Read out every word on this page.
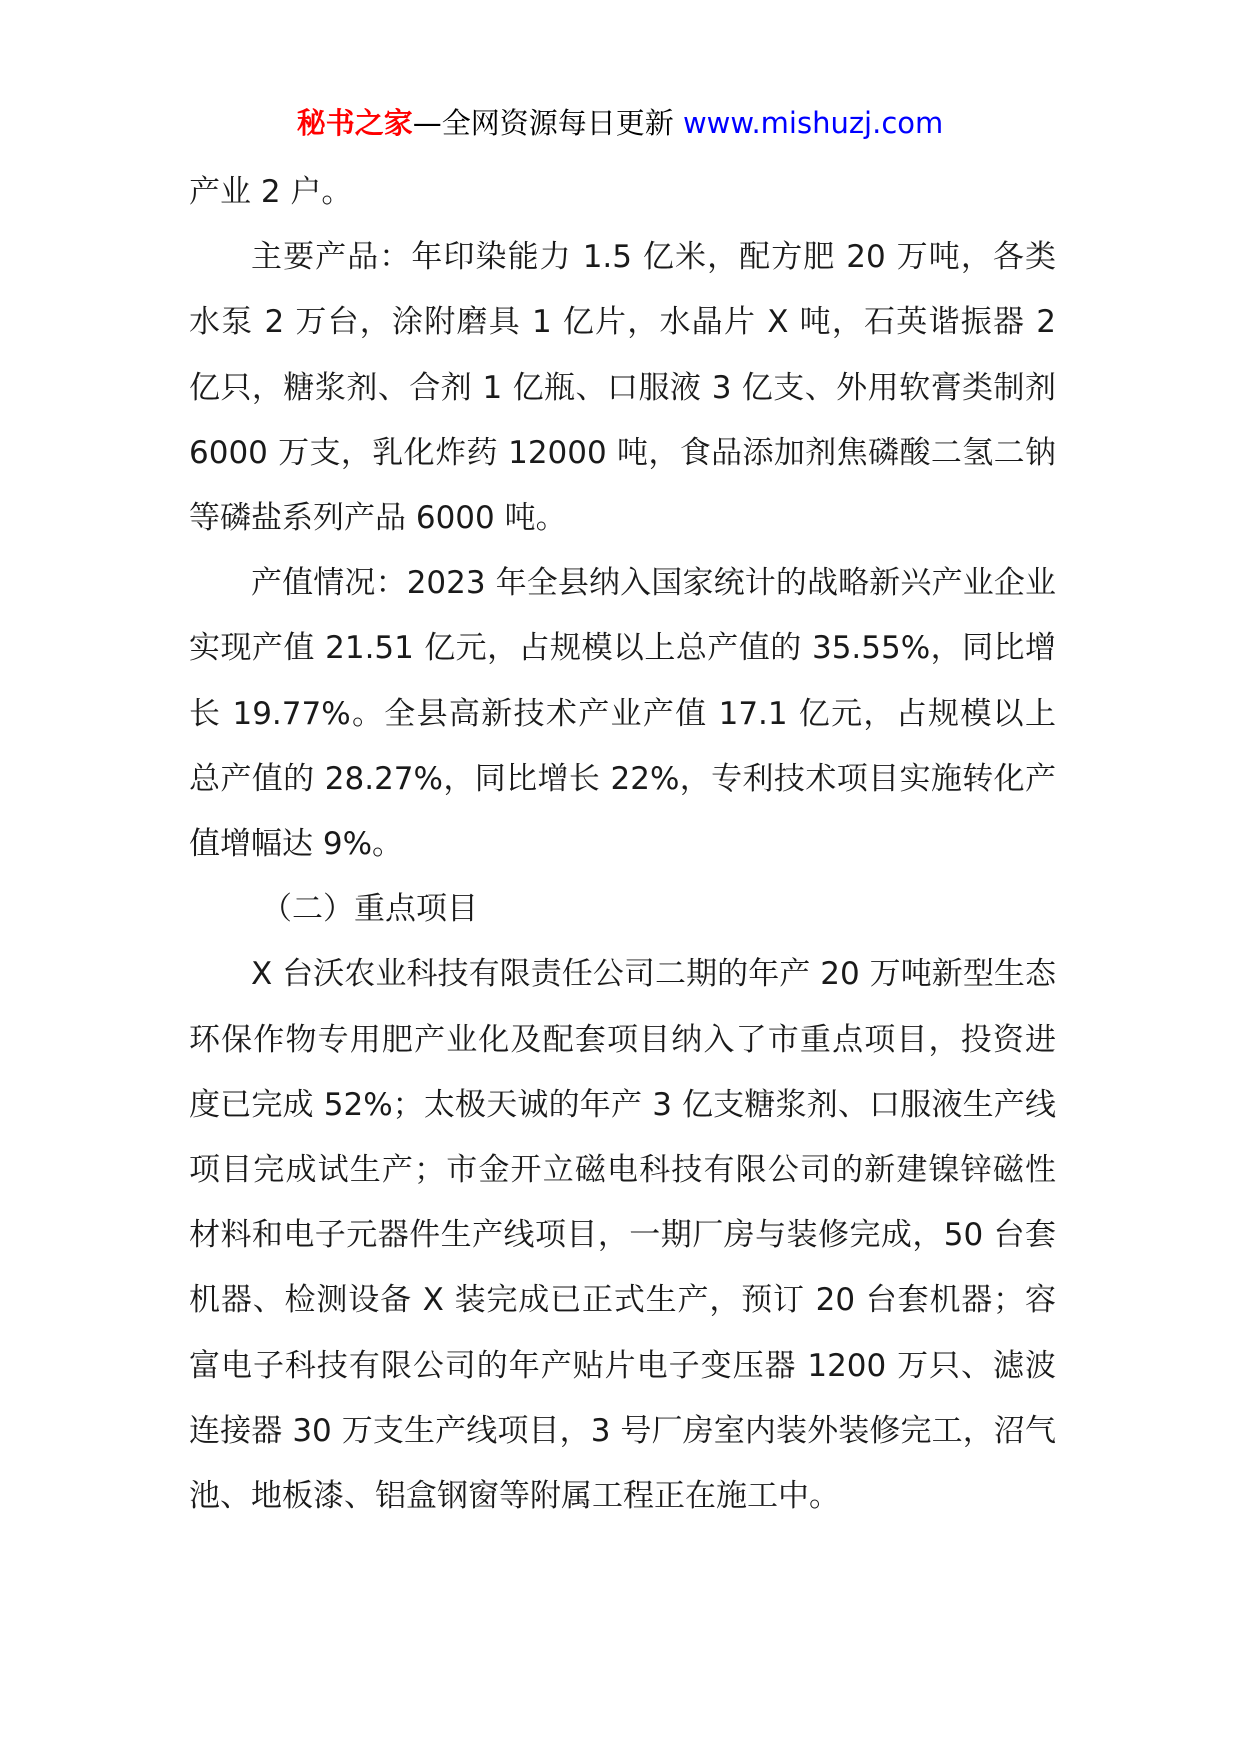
秘书之家—全网资源每日更新 www.mishuzj.com

产业 2 户。

主要产品：年印染能力 1.5 亿米，配方肥 20 万吨，各类水泵 2 万台，涂附磨具 1 亿片，水晶片 X 吨，石英谐振器 2 亿只，糖浆剂、合剂 1 亿瓶、口服液 3 亿支、外用软膏类制剂 6000 万支，乳化炸药 12000 吨，食品添加剂焦磷酸二氢二钠等磷盐系列产品 6000 吨。

产值情况：2023 年全县纳入国家统计的战略新兴产业企业实现产值 21.51 亿元，占规模以上总产值的 35.55%，同比增长 19.77%。全县高新技术产业产值 17.1 亿元，占规模以上总产值的 28.27%，同比增长 22%，专利技术项目实施转化产值增幅达 9%。

（二）重点项目

X 台沃农业科技有限责任公司二期的年产 20 万吨新型生态环保作物专用肥产业化及配套项目纳入了市重点项目，投资进度已完成 52%；太极天诚的年产 3 亿支糖浆剂、口服液生产线项目完成试生产；市金开立磁电科技有限公司的新建镍锌磁性材料和电子元器件生产线项目，一期厂房与装修完成，50 台套机器、检测设备 X 装完成已正式生产，预订 20 台套机器；容富电子科技有限公司的年产贴片电子变压器 1200 万只、滤波连接器 30 万支生产线项目，3 号厂房室内装外装修完工，沼气池、地板漆、铝盒钢窗等附属工程正在施工中。
